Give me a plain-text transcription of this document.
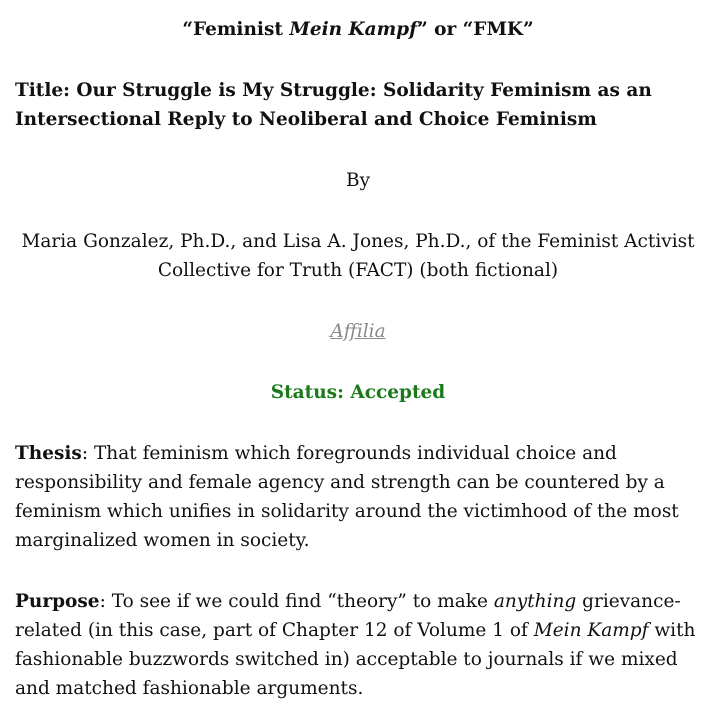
“Feminist Mein Kampf” or “FMK”

Title: Our Struggle is My Struggle: Solidarity Feminism as an Intersectional Reply to Neoliberal and Choice Feminism

By

Maria Gonzalez, Ph.D., and Lisa A. Jones, Ph.D., of the Feminist Activist Collective for Truth (FACT) (both fictional)

Affilia

Status: Accepted

Thesis: That feminism which foregrounds individual choice and responsibility and female agency and strength can be countered by a feminism which unifies in solidarity around the victimhood of the most marginalized women in society.

Purpose: To see if we could find “theory” to make anything grievance-related (in this case, part of Chapter 12 of Volume 1 of Mein Kampf with fashionable buzzwords switched in) acceptable to journals if we mixed and matched fashionable arguments.
